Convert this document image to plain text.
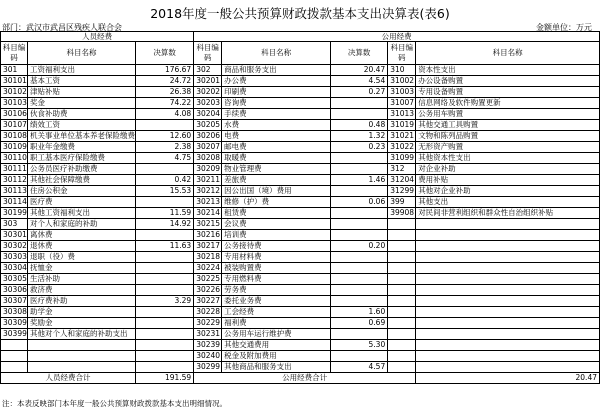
2018年度一般公共预算财政拨款基本支出决算表(表6)
部门：武汉市武昌区残疾人联合会	金额单位：万元
人员经费			公用经费				
科目编码	科目名称	决算数	科目编码	科目名称	决算数	科目编码	科目名称
301	工资福利支出	176.67	302	商品和服务支出	20.47	310	资本性支出
30101	基本工资	24.72	30201	办公费	4.54	31002	办公设备购置
30102	津贴补贴	26.38	30202	印刷费	0.27	31003	专用设备购置
30103	奖金	74.22	30203	咨询费		31007	信息网络及软件购置更新
30106	伙食补助费	4.08	30204	手续费		31013	公务用车购置
30107	绩效工资		30205	水费	0.48	31019	其他交通工具购置
30108	机关事业单位基本养老保险缴费	12.60	30206	电费	1.32	31021	文物和陈列品购置
30109	职业年金缴费	2.38	30207	邮电费	0.23	31022	无形资产购置
30110	职工基本医疗保险缴费	4.75	30208	取暖费		31099	其他资本性支出
30111	公务员医疗补助缴费		30209	物业管理费		312	对企业补助
30112	其他社会保障缴费	0.42	30211	差旅费	1.46	31204	费用补贴
30113	住房公积金	15.53	30212	因公出国（境）费用		31299	其他对企业补助
30114	医疗费		30213	维修（护）费	0.06	399	其他支出
30199	其他工资福利支出	11.59	30214	租赁费		39908	对民间非营利组织和群众性自治组织补贴
303	对个人和家庭的补助	14.92	30215	会议费			
30301	离休费		30216	培训费			
30302	退休费	11.63	30217	公务接待费	0.20		
30303	退职（役）费		30218	专用材料费			
30304	抚恤金		30224	被装购置费			
30305	生活补助		30225	专用燃料费			
30306	救济费		30226	劳务费			
30307	医疗费补助	3.29	30227	委托业务费			
30308	助学金		30228	工会经费	1.60		
30309	奖励金		30229	福利费	0.69		
30399	其他对个人和家庭的补助支出		30231	公务用车运行维护费			
			30239	其他交通费用	5.30		
			30240	税金及附加费用			
			30299	其他商品和服务支出	4.57		
人员经费合计		191.59	公用经费合计				20.47
注：本表反映部门本年度一般公共预算财政拨款基本支出明细情况。
